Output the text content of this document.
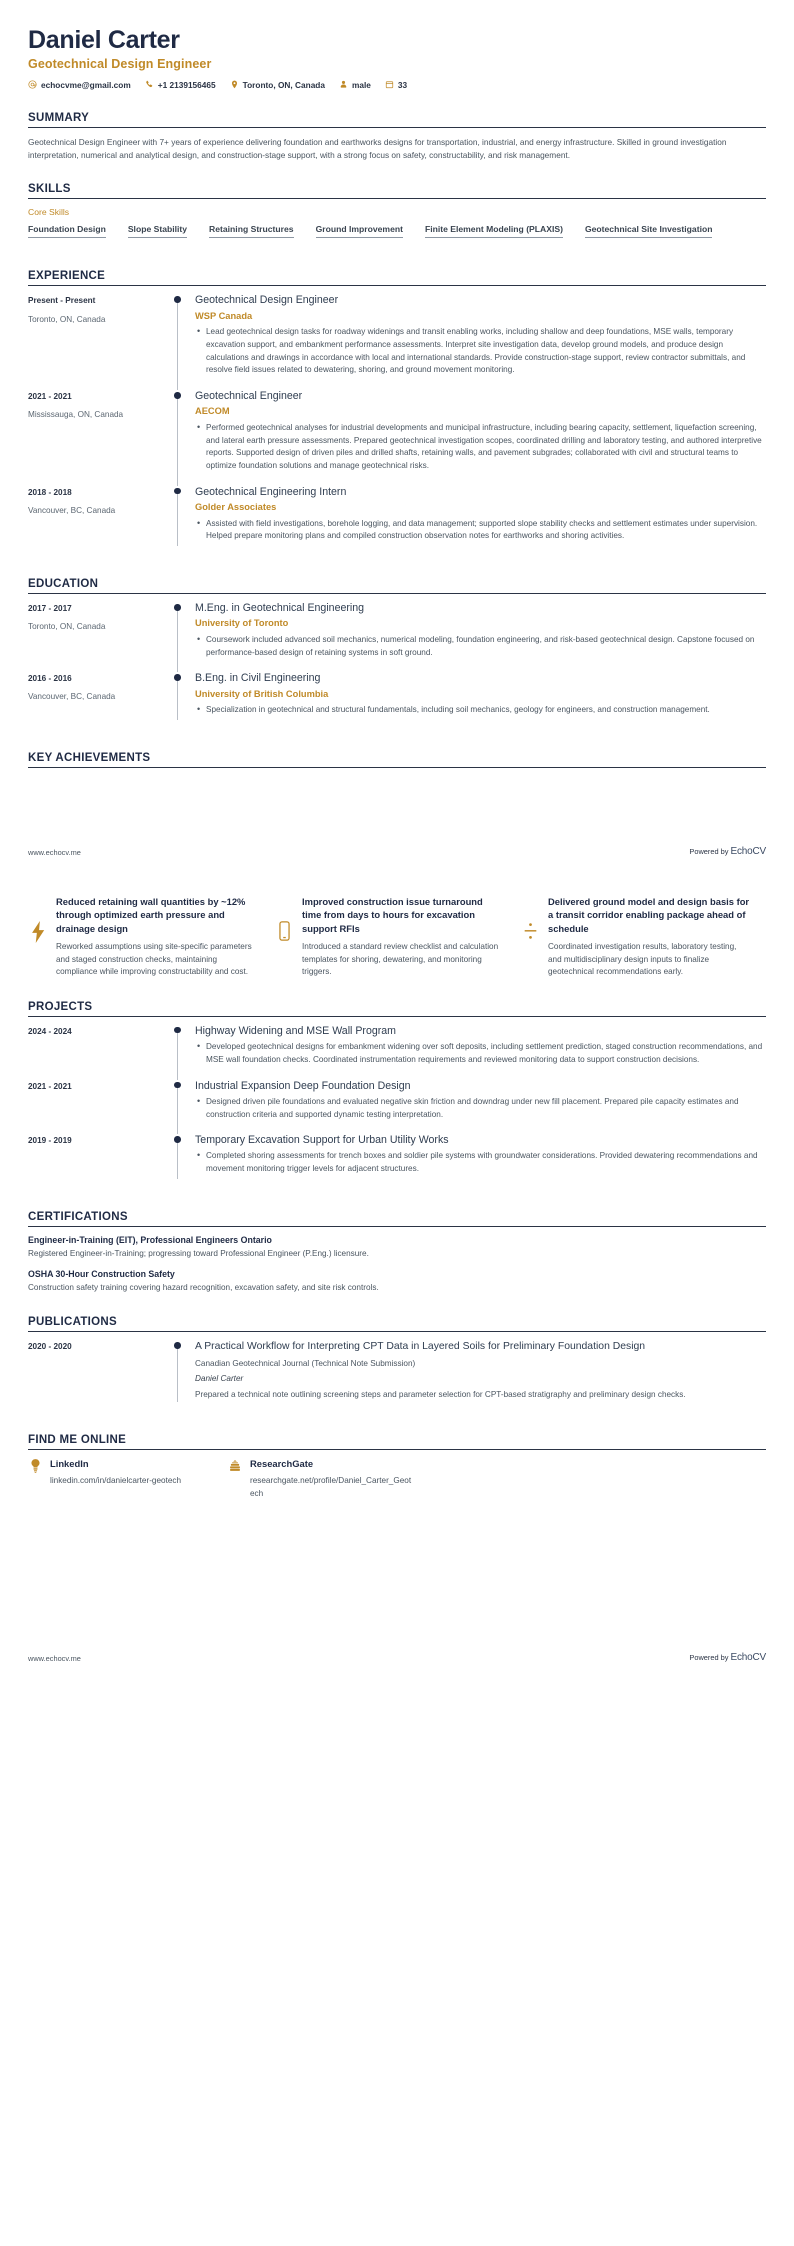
Daniel Carter
Geotechnical Design Engineer
echocvme@gmail.com	+1 2139156465	Toronto, ON, Canada	male	33
SUMMARY

Geotechnical Design Engineer with 7+ years of experience delivering foundation and earthworks designs for transportation, industrial, and energy infrastructure. Skilled in ground investigation interpretation, numerical and analytical design, and construction-stage support, with a strong focus on safety, constructability, and risk management.

SKILLS
Core Skills
Foundation Design	Slope Stability	Retaining Structures	Ground Improvement	Finite Element Modeling (PLAXIS)	Geotechnical Site Investigation
EXPERIENCE
Present - Present
Toronto, ON, Canada
Geotechnical Design Engineer
WSP Canada
• Lead geotechnical design tasks for roadway widenings and transit enabling works, including shallow and deep foundations, MSE walls, temporary excavation support, and embankment performance assessments. Interpret site investigation data, develop ground models, and produce design calculations and drawings in accordance with local and international standards. Provide construction-stage support, review contractor submittals, and resolve field issues related to dewatering, shoring, and ground movement monitoring.
2021 - 2021
Mississauga, ON, Canada
Geotechnical Engineer
AECOM
• Performed geotechnical analyses for industrial developments and municipal infrastructure, including bearing capacity, settlement, liquefaction screening, and lateral earth pressure assessments. Prepared geotechnical investigation scopes, coordinated drilling and laboratory testing, and authored interpretive reports. Supported design of driven piles and drilled shafts, retaining walls, and pavement subgrades; collaborated with civil and structural teams to optimize foundation solutions and manage geotechnical risks.
2018 - 2018
Vancouver, BC, Canada
Geotechnical Engineering Intern
Golder Associates
• Assisted with field investigations, borehole logging, and data management; supported slope stability checks and settlement estimates under supervision. Helped prepare monitoring plans and compiled construction observation notes for earthworks and shoring activities.
EDUCATION
2017 - 2017
Toronto, ON, Canada
M.Eng. in Geotechnical Engineering
University of Toronto
• Coursework included advanced soil mechanics, numerical modeling, foundation engineering, and risk-based geotechnical design. Capstone focused on performance-based design of retaining systems in soft ground.
2016 - 2016
Vancouver, BC, Canada
B.Eng. in Civil Engineering
University of British Columbia
• Specialization in geotechnical and structural fundamentals, including soil mechanics, geology for engineers, and construction management.
KEY ACHIEVEMENTS
www.echocv.me	Powered by EchoCV
Reduced retaining wall quantities by ~12% through optimized earth pressure and drainage design

Reworked assumptions using site-specific parameters and staged construction checks, maintaining compliance while improving constructability and cost.

Improved construction issue turnaround time from days to hours for excavation support RFIs

Introduced a standard review checklist and calculation templates for shoring, dewatering, and monitoring triggers.

Delivered ground model and design basis for a transit corridor enabling package ahead of schedule

Coordinated investigation results, laboratory testing, and multidisciplinary design inputs to finalize geotechnical recommendations early.

PROJECTS
2024 - 2024	Highway Widening and MSE Wall Program
• Developed geotechnical designs for embankment widening over soft deposits, including settlement prediction, staged construction recommendations, and MSE wall foundation checks. Coordinated instrumentation requirements and reviewed monitoring data to support construction decisions.
2021 - 2021	Industrial Expansion Deep Foundation Design
• Designed driven pile foundations and evaluated negative skin friction and downdrag under new fill placement. Prepared pile capacity estimates and construction criteria and supported dynamic testing interpretation.
2019 - 2019	Temporary Excavation Support for Urban Utility Works
• Completed shoring assessments for trench boxes and soldier pile systems with groundwater considerations. Provided dewatering recommendations and movement monitoring trigger levels for adjacent structures.
CERTIFICATIONS
Engineer-in-Training (EIT), Professional Engineers Ontario

Registered Engineer-in-Training; progressing toward Professional Engineer (P.Eng.) licensure.

OSHA 30-Hour Construction Safety

Construction safety training covering hazard recognition, excavation safety, and site risk controls.

PUBLICATIONS
2020 - 2020	A Practical Workflow for Interpreting CPT Data in Layered Soils for Preliminary Foundation Design

Canadian Geotechnical Journal (Technical Note Submission)

Daniel Carter

Prepared a technical note outlining screening steps and parameter selection for CPT-based stratigraphy and preliminary design checks.

FIND ME ONLINE
LinkedIn

linkedin.com/in/danielcarter-geotech

ResearchGate

researchgate.net/profile/Daniel_Carter_Geotech

www.echocv.me	Powered by EchoCV
